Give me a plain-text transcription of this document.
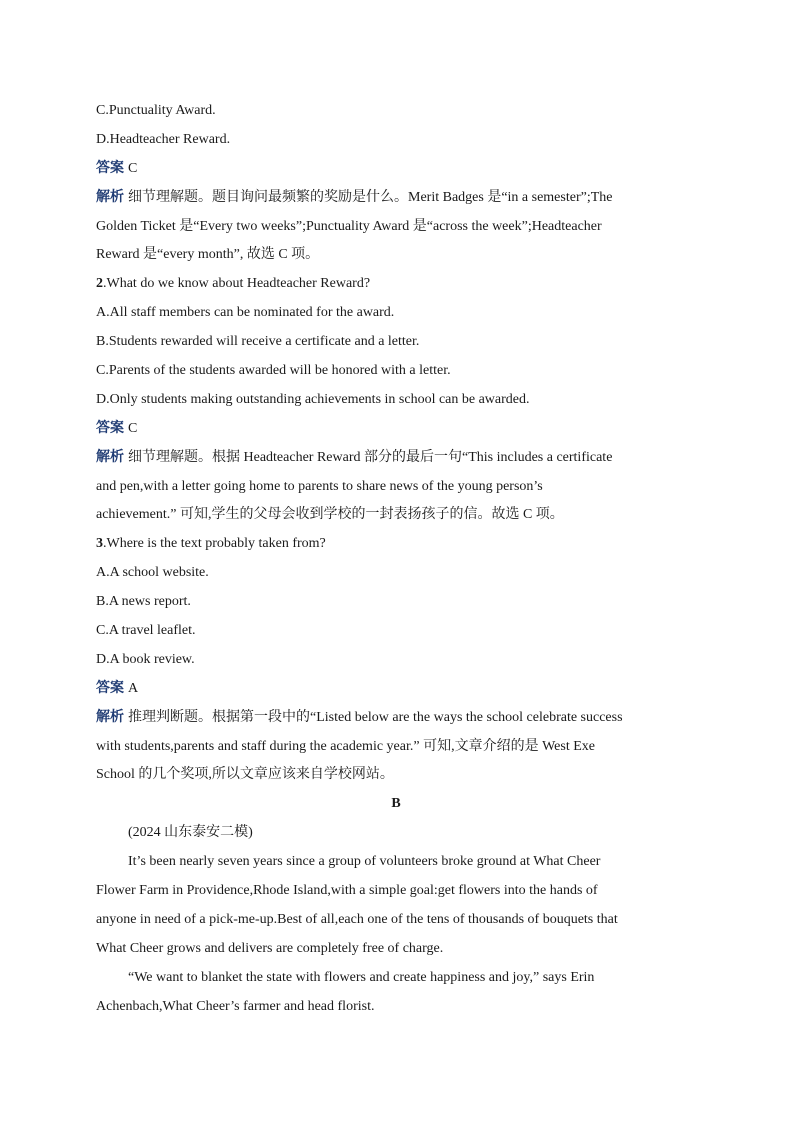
C.Punctuality Award.
D.Headteacher Reward.
答案 C
解析 细节理解题。题目询问最频繁的奖励是什么。Merit Badges 是“in a semester”;The
Golden Ticket 是“Every two weeks”;Punctuality Award 是“across the week”;Headteacher
Reward 是“every month”, 故选 C 项。
2.What do we know about Headteacher Reward?
A.All staff members can be nominated for the award.
B.Students rewarded will receive a certificate and a letter.
C.Parents of the students awarded will be honored with a letter.
D.Only students making outstanding achievements in school can be awarded.
答案 C
解析 细节理解题。根据 Headteacher Reward 部分的最后一句“This includes a certificate
and pen,with a letter going home to parents to share news of the young person’s
achievement.” 可知,学生的父母会收到学校的一封表扬孩子的信。故选 C 项。
3.Where is the text probably taken from?
A.A school website.
B.A news report.
C.A travel leaflet.
D.A book review.
答案 A
解析 推理判断题。根据第一段中的“Listed below are the ways the school celebrate success
with students,parents and staff during the academic year.” 可知,文章介绍的是 West Exe
School 的几个奖项,所以文章应该来自学校网站。
B
(2024 山东泰安二模)
It’s been nearly seven years since a group of volunteers broke ground at What Cheer
Flower Farm in Providence,Rhode Island,with a simple goal:get flowers into the hands of
anyone in need of a pick-me-up.Best of all,each one of the tens of thousands of bouquets that
What Cheer grows and delivers are completely free of charge.
“We want to blanket the state with flowers and create happiness and joy,” says Erin
Achenbach,What Cheer’s farmer and head florist.
